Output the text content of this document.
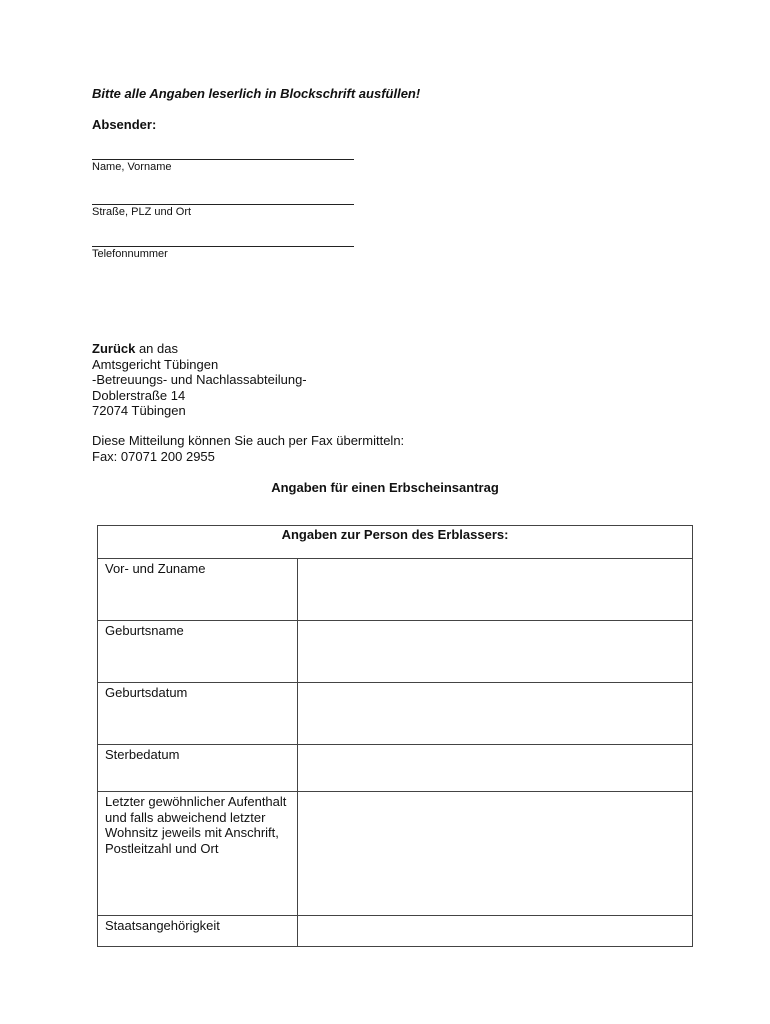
Bitte alle Angaben leserlich in Blockschrift ausfüllen!
Absender:
Name, Vorname
Straße, PLZ und Ort
Telefonnummer
Zurück an das
Amtsgericht Tübingen
-Betreuungs- und Nachlassabteilung-
Doblerstraße 14
72074 Tübingen
Diese Mitteilung können Sie auch per Fax übermitteln:
Fax: 07071 200 2955
Angaben für einen Erbscheinsantrag
Angaben zur Person des Erblassers:	
Vor- und Zuname	
Geburtsname	
Geburtsdatum	
Sterbedatum	
Letzter gewöhnlicher Aufenthalt und falls abweichend letzter Wohnsitz jeweils mit Anschrift, Postleitzahl und Ort	
Staatsangehörigkeit	
